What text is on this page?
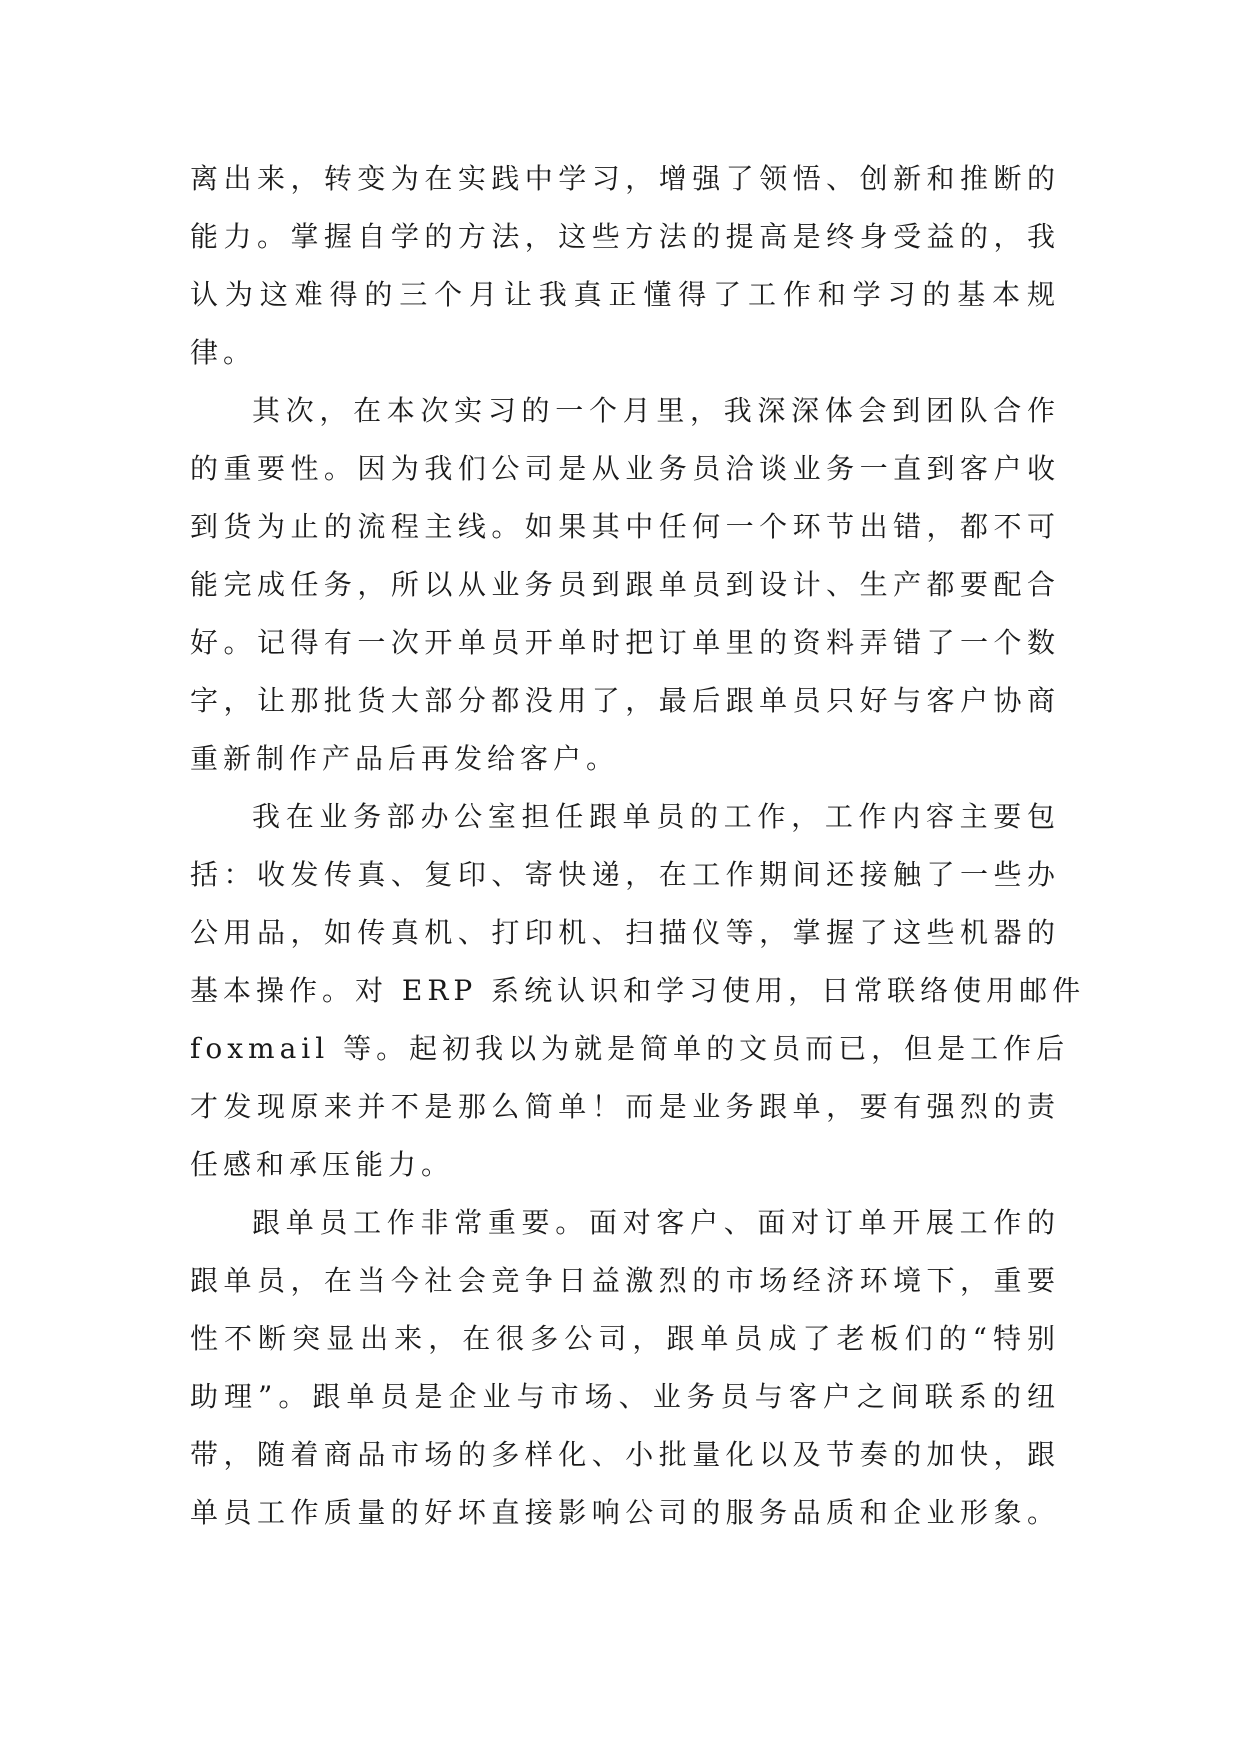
离出来，转变为在实践中学习，增强了领悟、创新和推断的
能力。掌握自学的方法，这些方法的提高是终身受益的，我
认为这难得的三个月让我真正懂得了工作和学习的基本规
律。

其次，在本次实习的一个月里，我深深体会到团队合作
的重要性。因为我们公司是从业务员洽谈业务一直到客户收
到货为止的流程主线。如果其中任何一个环节出错，都不可
能完成任务，所以从业务员到跟单员到设计、生产都要配合
好。记得有一次开单员开单时把订单里的资料弄错了一个数
字，让那批货大部分都没用了，最后跟单员只好与客户协商
重新制作产品后再发给客户。

我在业务部办公室担任跟单员的工作，工作内容主要包
括：收发传真、复印、寄快递，在工作期间还接触了一些办
公用品，如传真机、打印机、扫描仪等，掌握了这些机器的
基本操作。对 ERP 系统认识和学习使用，日常联络使用邮件
foxmail 等。起初我以为就是简单的文员而已，但是工作后
才发现原来并不是那么简单！而是业务跟单，要有强烈的责
任感和承压能力。

跟单员工作非常重要。面对客户、面对订单开展工作的
跟单员，在当今社会竞争日益激烈的市场经济环境下，重要
性不断突显出来，在很多公司，跟单员成了老板们的“特别
助理”。跟单员是企业与市场、业务员与客户之间联系的纽
带，随着商品市场的多样化、小批量化以及节奏的加快，跟
单员工作质量的好坏直接影响公司的服务品质和企业形象。
